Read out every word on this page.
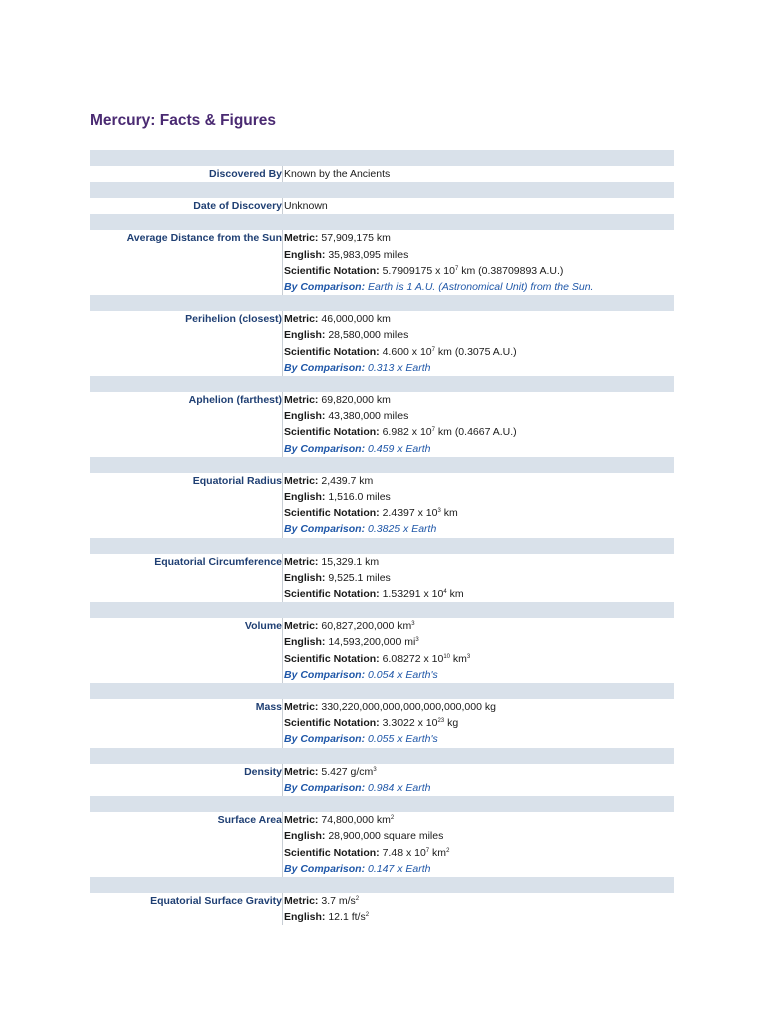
Mercury: Facts & Figures
Discovered By Known by the Ancients
Date of Discovery Unknown
Average Distance from the Sun Metric: 57,909,175 km
English: 35,983,095 miles
Scientific Notation: 5.7909175 x $10^7$ km (0.38709893 A.U.)
By Comparison: Earth is 1 A.U. (Astronomical Unit) from the Sun.
Perihelion (closest) Metric: 46,000,000 km
English: 28,580,000 miles
Scientific Notation: 4.600 x $10^7$ km (0.3075 A.U.)
By Comparison: 0.313 x Earth
Aphelion (farthest) Metric: 69,820,000 km
English: 43,380,000 miles
Scientific Notation: 6.982 x $10^7$ km (0.4667 A.U.)
By Comparison: 0.459 x Earth
Equatorial Radius Metric: 2,439.7 km
English: 1,516.0 miles
Scientific Notation: 2.4397 x $10^3$ km
By Comparison: 0.3825 x Earth
Equatorial Circumference Metric: 15,329.1 km
English: 9,525.1 miles
Scientific Notation: 1.53291 x $10^4$ km
Volume Metric: 60,827,200,000 $km^3$
English: 14,593,200,000 $mi^3$
Scientific Notation: 6.08272 x $10^{10}$ $km^3$
By Comparison: 0.054 x Earth's
Mass Metric: 330,220,000,000,000,000,000,000 kg
Scientific Notation: 3.3022 x $10^{23}$ kg
By Comparison: 0.055 x Earth's
Density Metric: 5.427 $g/cm^3$
By Comparison: 0.984 x Earth
Surface Area Metric: 74,800,000 $km^2$
English: 28,900,000 square miles
Scientific Notation: 7.48 x $10^7$ $km^2$
By Comparison: 0.147 x Earth
Equatorial Surface Gravity Metric: 3.7 $m/s^2$
English: 12.1 $ft/s^2$
